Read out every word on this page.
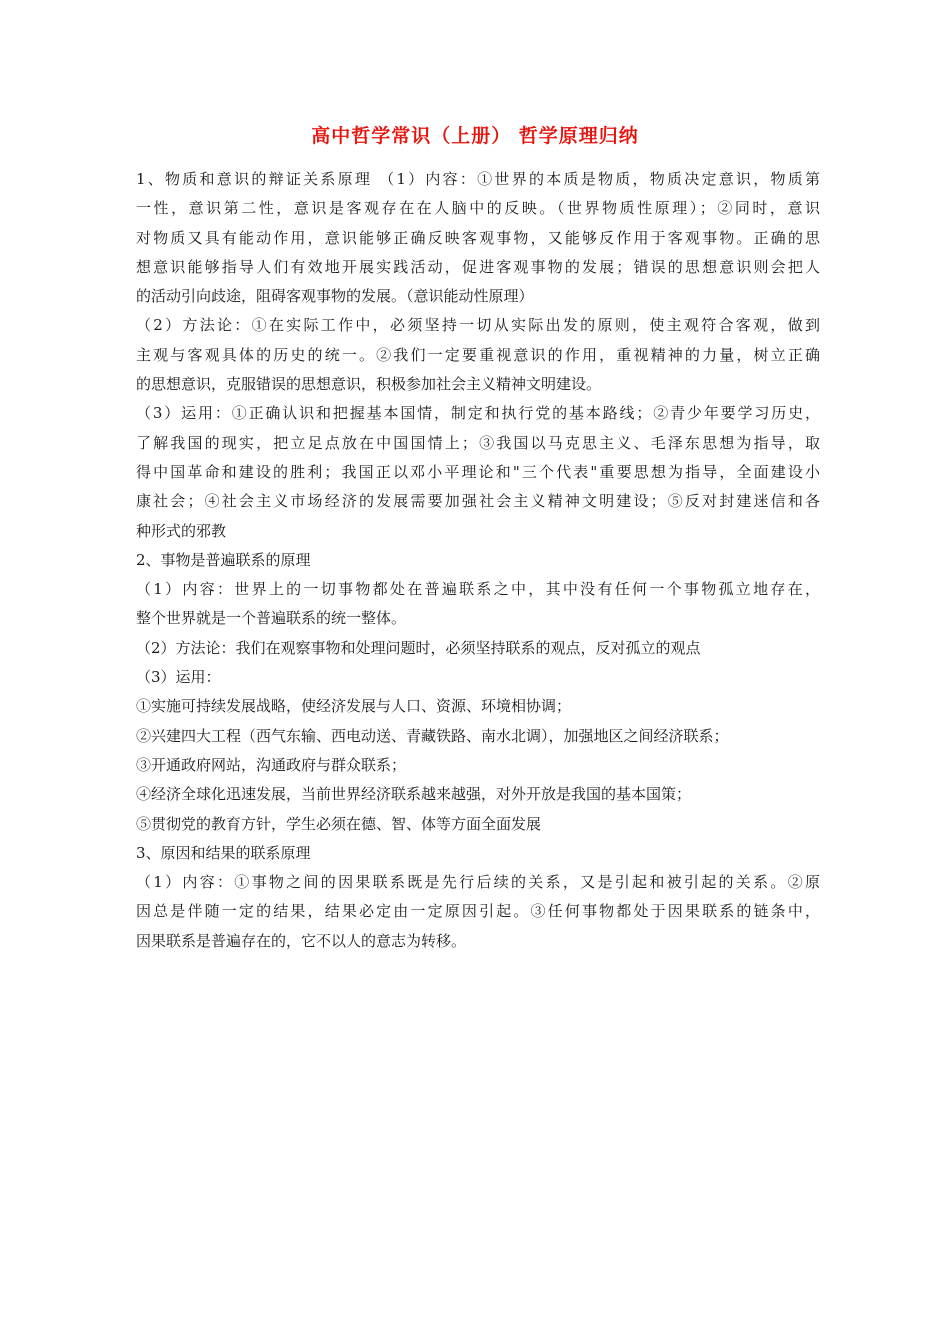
高中哲学常识（上册） 哲学原理归纳
1、物质和意识的辩证关系原理 （1）内容：①世界的本质是物质，物质决定意识，物质第
一性，意识第二性，意识是客观存在在人脑中的反映。（世界物质性原理）；②同时，意识
对物质又具有能动作用，意识能够正确反映客观事物，又能够反作用于客观事物。正确的思
想意识能够指导人们有效地开展实践活动，促进客观事物的发展；错误的思想意识则会把人
的活动引向歧途，阻碍客观事物的发展。（意识能动性原理）
（2）方法论：①在实际工作中，必须坚持一切从实际出发的原则，使主观符合客观，做到
主观与客观具体的历史的统一。②我们一定要重视意识的作用，重视精神的力量，树立正确
的思想意识，克服错误的思想意识，积极参加社会主义精神文明建设。
（3）运用：①正确认识和把握基本国情，制定和执行党的基本路线；②青少年要学习历史，
了解我国的现实，把立足点放在中国国情上；③我国以马克思主义、毛泽东思想为指导，取
得中国革命和建设的胜利；我国正以邓小平理论和"三个代表"重要思想为指导，全面建设小
康社会；④社会主义市场经济的发展需要加强社会主义精神文明建设；⑤反对封建迷信和各
种形式的邪教
2、事物是普遍联系的原理
（1）内容：世界上的一切事物都处在普遍联系之中，其中没有任何一个事物孤立地存在，
整个世界就是一个普遍联系的统一整体。
（2）方法论：我们在观察事物和处理问题时，必须坚持联系的观点，反对孤立的观点
（3）运用：
①实施可持续发展战略，使经济发展与人口、资源、环境相协调；
②兴建四大工程（西气东输、西电动送、青藏铁路、南水北调），加强地区之间经济联系；
③开通政府网站，沟通政府与群众联系；
④经济全球化迅速发展，当前世界经济联系越来越强，对外开放是我国的基本国策；
⑤贯彻党的教育方针，学生必须在德、智、体等方面全面发展
3、原因和结果的联系原理
（1）内容：①事物之间的因果联系既是先行后续的关系，又是引起和被引起的关系。②原
因总是伴随一定的结果，结果必定由一定原因引起。③任何事物都处于因果联系的链条中，
因果联系是普遍存在的，它不以人的意志为转移。
